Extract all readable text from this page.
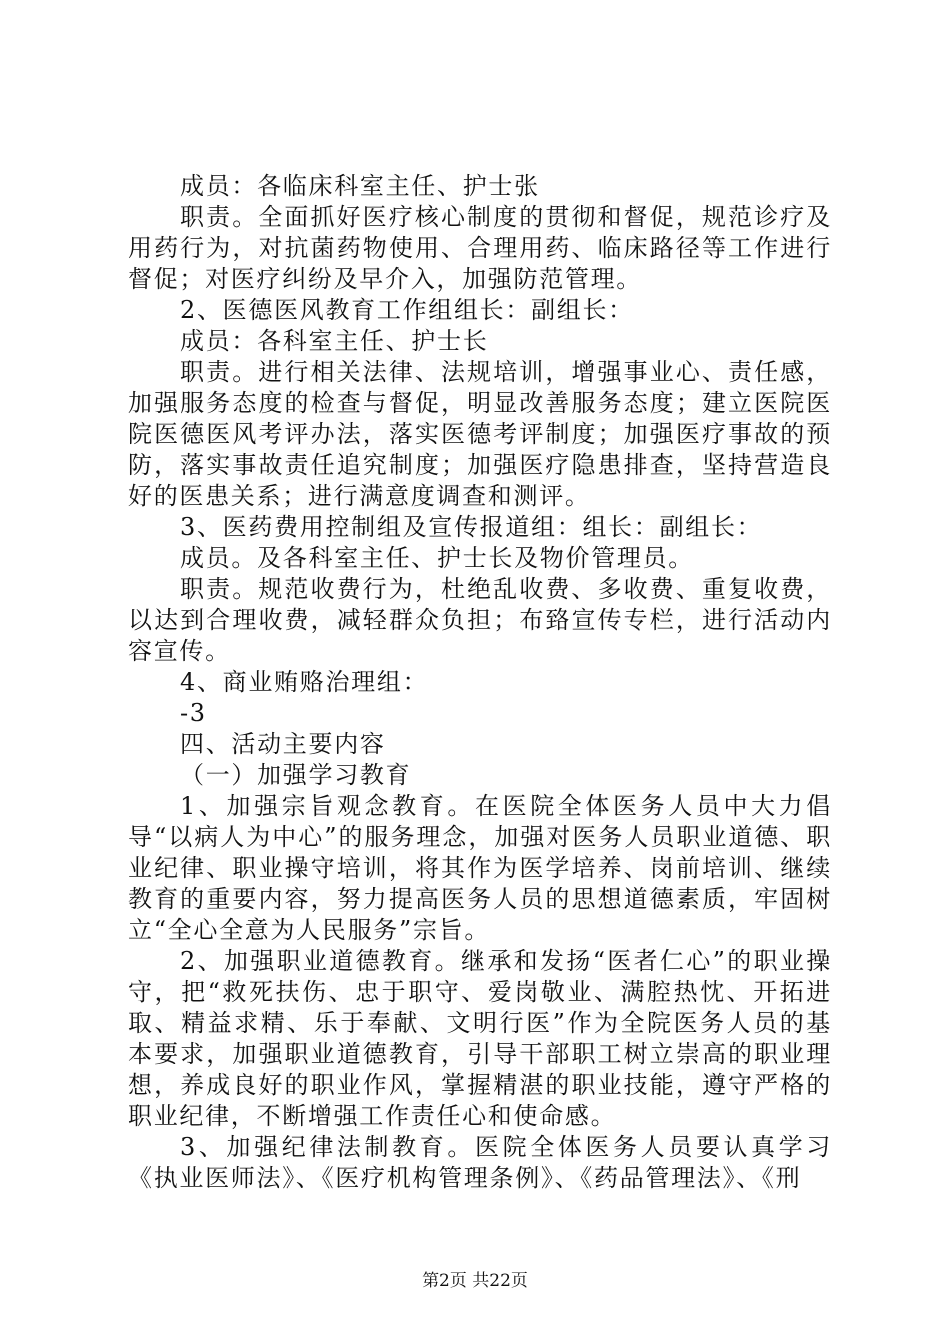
成员：各临床科室主任、护士张

职责。全面抓好医疗核心制度的贯彻和督促，规范诊疗及用药行为，对抗菌药物使用、合理用药、临床路径等工作进行督促；对医疗纠纷及早介入，加强防范管理。

2、医德医风教育工作组组长：副组长：

成员：各科室主任、护士长

职责。进行相关法律、法规培训，增强事业心、责任感，加强服务态度的检查与督促，明显改善服务态度；建立医院医院医德医风考评办法，落实医德考评制度；加强医疗事故的预防，落实事故责任追究制度；加强医疗隐患排查，坚持营造良好的医患关系；进行满意度调查和测评。

3、医药费用控制组及宣传报道组：组长：副组长：

成员。及各科室主任、护士长及物价管理员。

职责。规范收费行为，杜绝乱收费、多收费、重复收费，以达到合理收费，减轻群众负担；布臵宣传专栏，进行活动内容宣传。

4、商业贿赂治理组：

-3

四、活动主要内容

（一）加强学习教育

1、加强宗旨观念教育。在医院全体医务人员中大力倡导“以病人为中心”的服务理念，加强对医务人员职业道德、职业纪律、职业操守培训，将其作为医学培养、岗前培训、继续教育的重要内容，努力提高医务人员的思想道德素质，牢固树立“全心全意为人民服务”宗旨。

2、加强职业道德教育。继承和发扬“医者仁心”的职业操守，把“救死扶伤、忠于职守、爱岗敬业、满腔热忱、开拓进取、精益求精、乐于奉献、文明行医”作为全院医务人员的基本要求，加强职业道德教育，引导干部职工树立崇高的职业理想，养成良好的职业作风，掌握精湛的职业技能，遵守严格的职业纪律，不断增强工作责任心和使命感。

3、加强纪律法制教育。医院全体医务人员要认真学习《执业医师法》、《医疗机构管理条例》、《药品管理法》、《刑

第2页 共22页
